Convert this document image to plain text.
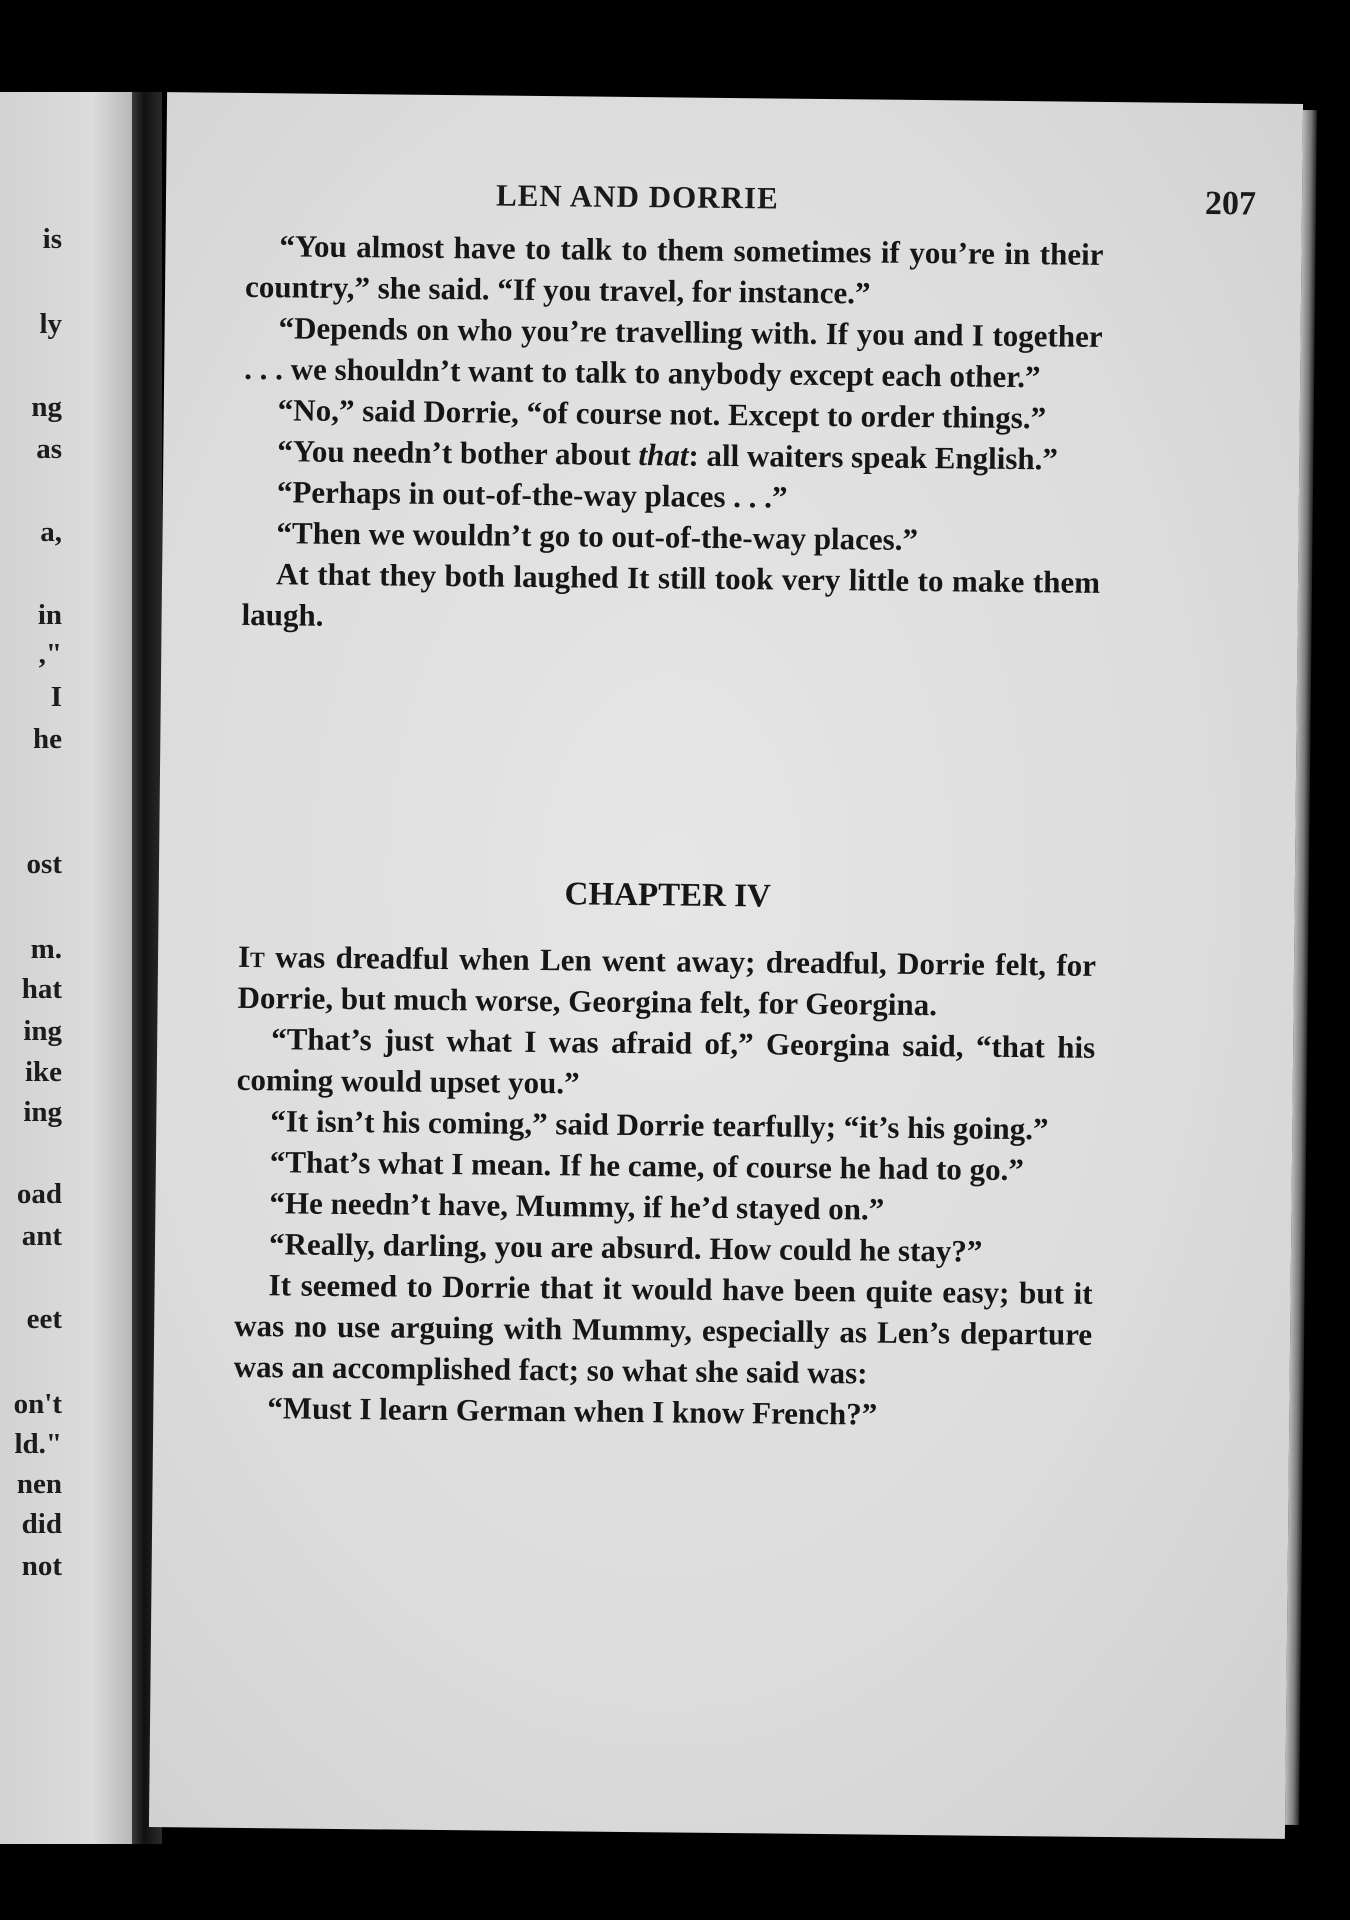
is
ly
ng
as
a,
in
,"
I
he
ost
m.
hat
ing
ike
ing
oad
ant
eet
on't
ld."
nen
did
not
LEN AND DORRIE	207

“You almost have to talk to them sometimes if you’re in their country,” she said. “If you travel, for instance.”

“Depends on who you’re travelling with. If you and I together . . . we shouldn’t want to talk to anybody except each other.”

“No,” said Dorrie, “of course not. Except to order things.”

“You needn’t bother about that: all waiters speak English.”

“Perhaps in out-of-the-way places . . .”

“Then we wouldn’t go to out-of-the-way places.”

At that they both laughed It still took very little to make them laugh.

CHAPTER IV

It was dreadful when Len went away; dreadful, Dorrie felt, for Dorrie, but much worse, Georgina felt, for Georgina.

“That’s just what I was afraid of,” Georgina said, “that his coming would upset you.”

“It isn’t his coming,” said Dorrie tearfully; “it’s his going.”

“That’s what I mean. If he came, of course he had to go.”

“He needn’t have, Mummy, if he’d stayed on.”

“Really, darling, you are absurd. How could he stay?”

It seemed to Dorrie that it would have been quite easy; but it was no use arguing with Mummy, especially as Len’s departure was an accomplished fact; so what she said was:

“Must I learn German when I know French?”
